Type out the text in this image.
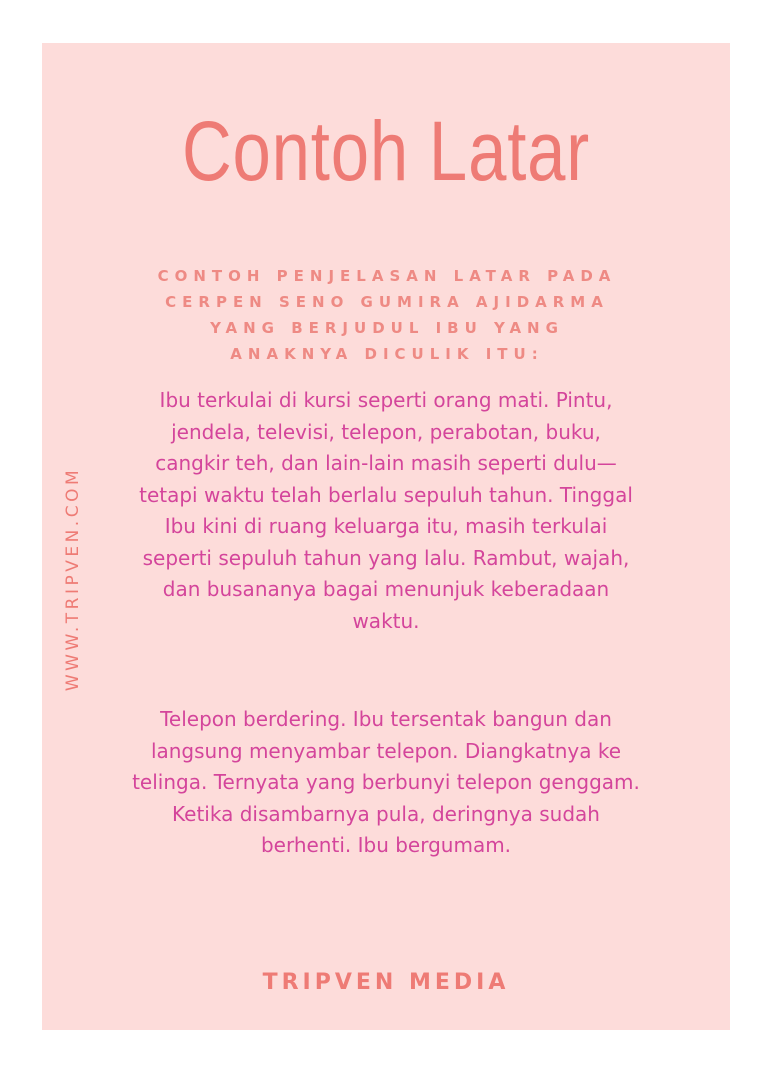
Contoh Latar
CONTOH PENJELASAN LATAR PADA CERPEN SENO GUMIRA AJIDARMA YANG BERJUDUL IBU YANG ANAKNYA DICULIK ITU:
Ibu terkulai di kursi seperti orang mati. Pintu, jendela, televisi, telepon, perabotan, buku, cangkir teh, dan lain-lain masih seperti dulu—tetapi waktu telah berlalu sepuluh tahun. Tinggal Ibu kini di ruang keluarga itu, masih terkulai seperti sepuluh tahun yang lalu. Rambut, wajah, dan busananya bagai menunjuk keberadaan waktu.
Telepon berdering. Ibu tersentak bangun dan langsung menyambar telepon. Diangkatnya ke telinga. Ternyata yang berbunyi telepon genggam. Ketika disambarnya pula, deringnya sudah berhenti. Ibu bergumam.
WWW.TRIPVEN.COM
TRIPVEN MEDIA
